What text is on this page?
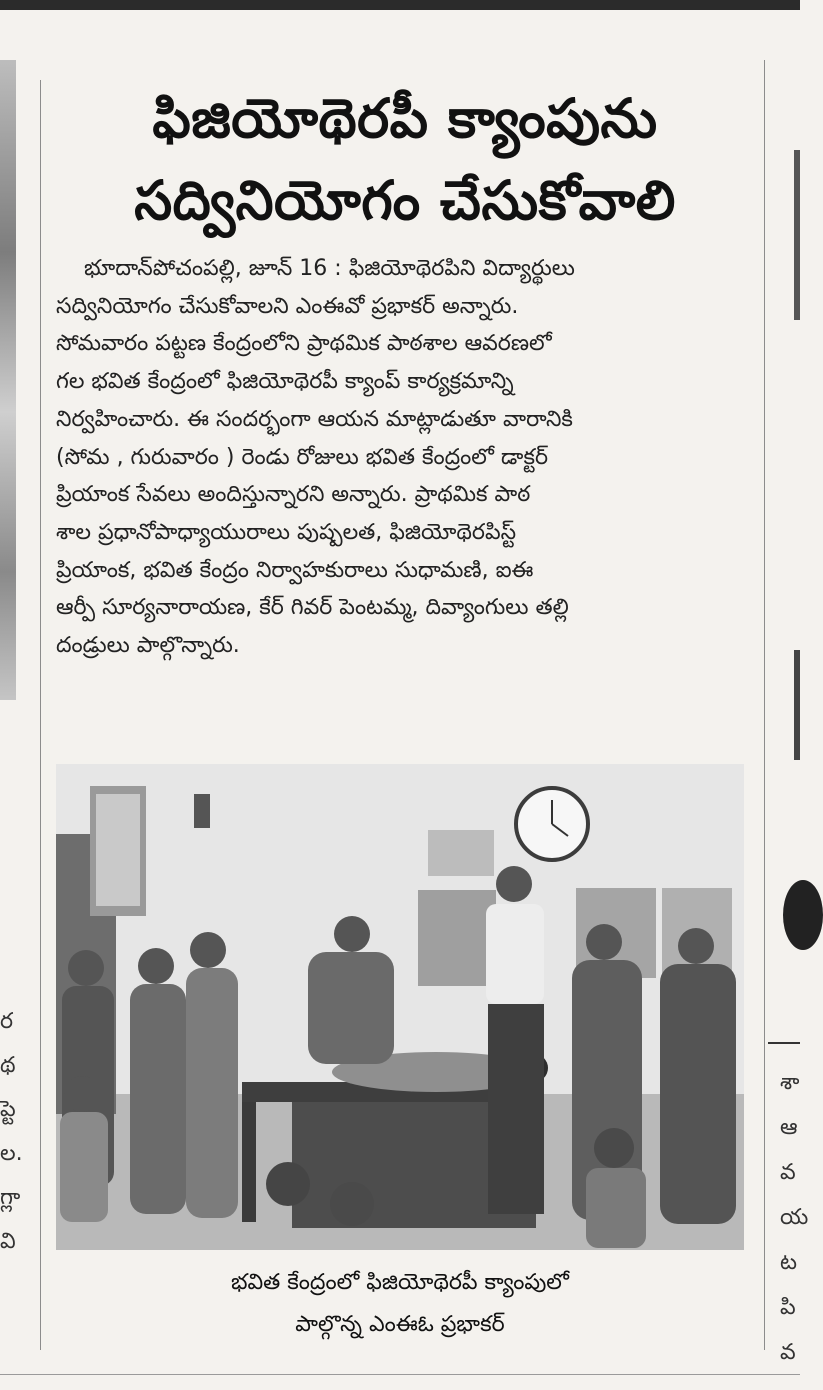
ర
థ
ప్టె
ల.
గ్లా
వి
శా
ఆ
వ
య
ట
పి
వ
ఫిజియోథెరపీ క్యాంపును
సద్వినియోగం చేసుకోవాలి
భూదాన్‌పోచంపల్లి, జూన్ 16 : ఫిజియోథెరపిని విద్యార్థులు
సద్వినియోగం చేసుకోవాలని ఎంఈవో ప్రభాకర్ అన్నారు.
సోమవారం పట్టణ కేంద్రంలోని ప్రాథమిక పాఠశాల ఆవరణలో
గల భవిత కేంద్రంలో ఫిజియోథెరపీ క్యాంప్ కార్యక్రమాన్ని
నిర్వహించారు. ఈ సందర్భంగా ఆయన మాట్లాడుతూ వారానికి
(సోమ , గురువారం ) రెండు రోజులు భవిత కేంద్రంలో డాక్టర్
ప్రియాంక సేవలు అందిస్తున్నారని అన్నారు. ప్రాథమిక పాఠ
శాల ప్రధానోపాధ్యాయురాలు పుష్పలత, ఫిజియోథెరపిస్ట్
ప్రియాంక, భవిత కేంద్రం నిర్వాహకురాలు సుధామణి, ఐఈ
ఆర్పీ సూర్యనారాయణ, కేర్ గివర్ పెంటమ్మ, దివ్యాంగులు తల్లి
దండ్రులు పాల్గొన్నారు.

భవిత కేంద్రంలో ఫిజియోథెరపీ క్యాంపులో
పాల్గొన్న ఎంఈఓ ప్రభాకర్
